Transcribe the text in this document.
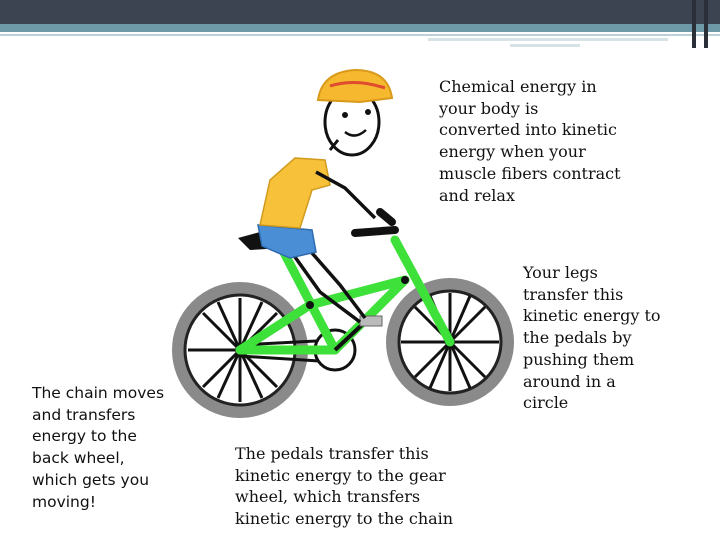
Chemical energy in
your body is
converted into kinetic
energy when your
muscle fibers contract
and relax

Your legs
transfer this
kinetic energy to
the pedals by
pushing them
around in a
circle

The chain moves
and transfers
energy to the
back wheel,
which gets you
moving!

The pedals transfer this
kinetic energy to the gear
wheel, which transfers
kinetic energy to the chain
